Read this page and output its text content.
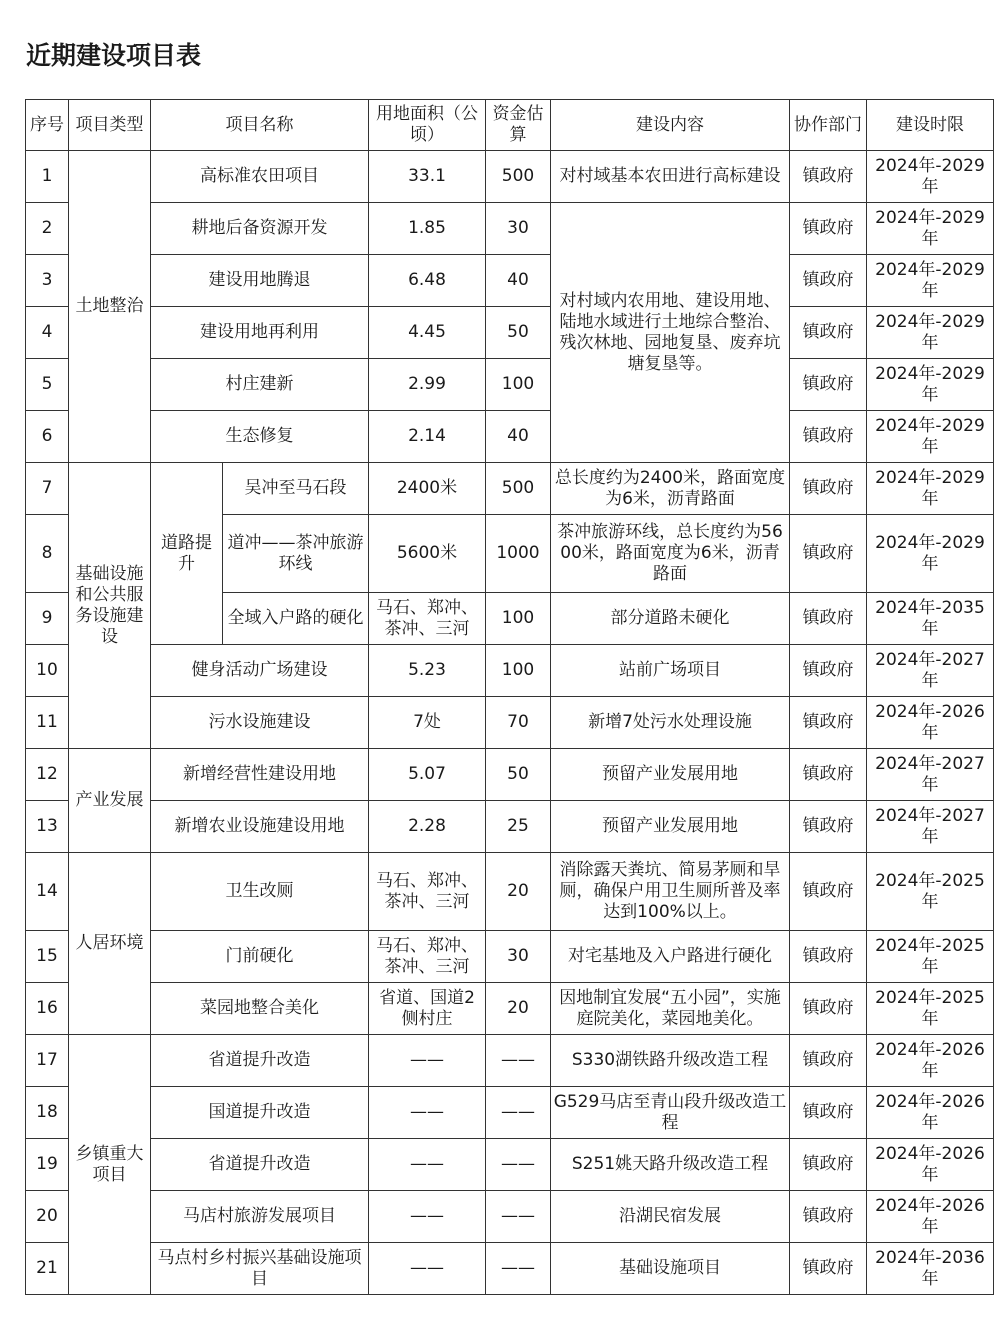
近期建设项目表
序号	项目类型	项目名称		用地面积（公顷）	资金估算	建设内容	协作部门	建设时限
1	土地整治	高标准农田项目		33.1	500	对村域基本农田进行高标建设	镇政府	2024年-2029年
2		耕地后备资源开发		1.85	30	对村域内农用地、建设用地、陆地水域进行土地综合整治、残次林地、园地复垦、废弃坑塘复垦等。	镇政府	2024年-2029年
3		建设用地腾退		6.48	40		镇政府	2024年-2029年
4		建设用地再利用		4.45	50		镇政府	2024年-2029年
5		村庄建新		2.99	100		镇政府	2024年-2029年
6		生态修复		2.14	40		镇政府	2024年-2029年
7	基础设施和公共服务设施建设	道路提升	吴冲至马石段	2400米	500	总长度约为2400米，路面宽度为6米，沥青路面	镇政府	2024年-2029年
8			道冲——茶冲旅游环线	5600米	1000	茶冲旅游环线，总长度约为5600米，路面宽度为6米，沥青路面	镇政府	2024年-2029年
9			全域入户路的硬化	马石、郑冲、茶冲、三河	100	部分道路未硬化	镇政府	2024年-2035年
10		健身活动广场建设		5.23	100	站前广场项目	镇政府	2024年-2027年
11		污水设施建设		7处	70	新增7处污水处理设施	镇政府	2024年-2026年
12	产业发展	新增经营性建设用地		5.07	50	预留产业发展用地	镇政府	2024年-2027年
13		新增农业设施建设用地		2.28	25	预留产业发展用地	镇政府	2024年-2027年
14	人居环境	卫生改厕		马石、郑冲、茶冲、三河	20	消除露天粪坑、简易茅厕和旱厕，确保户用卫生厕所普及率达到100%以上。	镇政府	2024年-2025年
15		门前硬化		马石、郑冲、茶冲、三河	30	对宅基地及入户路进行硬化	镇政府	2024年-2025年
16		菜园地整合美化		省道、国道2侧村庄	20	因地制宜发展“五小园”，实施庭院美化，菜园地美化。	镇政府	2024年-2025年
17	乡镇重大项目	省道提升改造		——	——	S330湖铁路升级改造工程	镇政府	2024年-2026年
18		国道提升改造		——	——	G529马店至青山段升级改造工程	镇政府	2024年-2026年
19		省道提升改造		——	——	S251姚天路升级改造工程	镇政府	2024年-2026年
20		马店村旅游发展项目		——	——	沿湖民宿发展	镇政府	2024年-2026年
21		马点村乡村振兴基础设施项目		——	——	基础设施项目	镇政府	2024年-2036年
